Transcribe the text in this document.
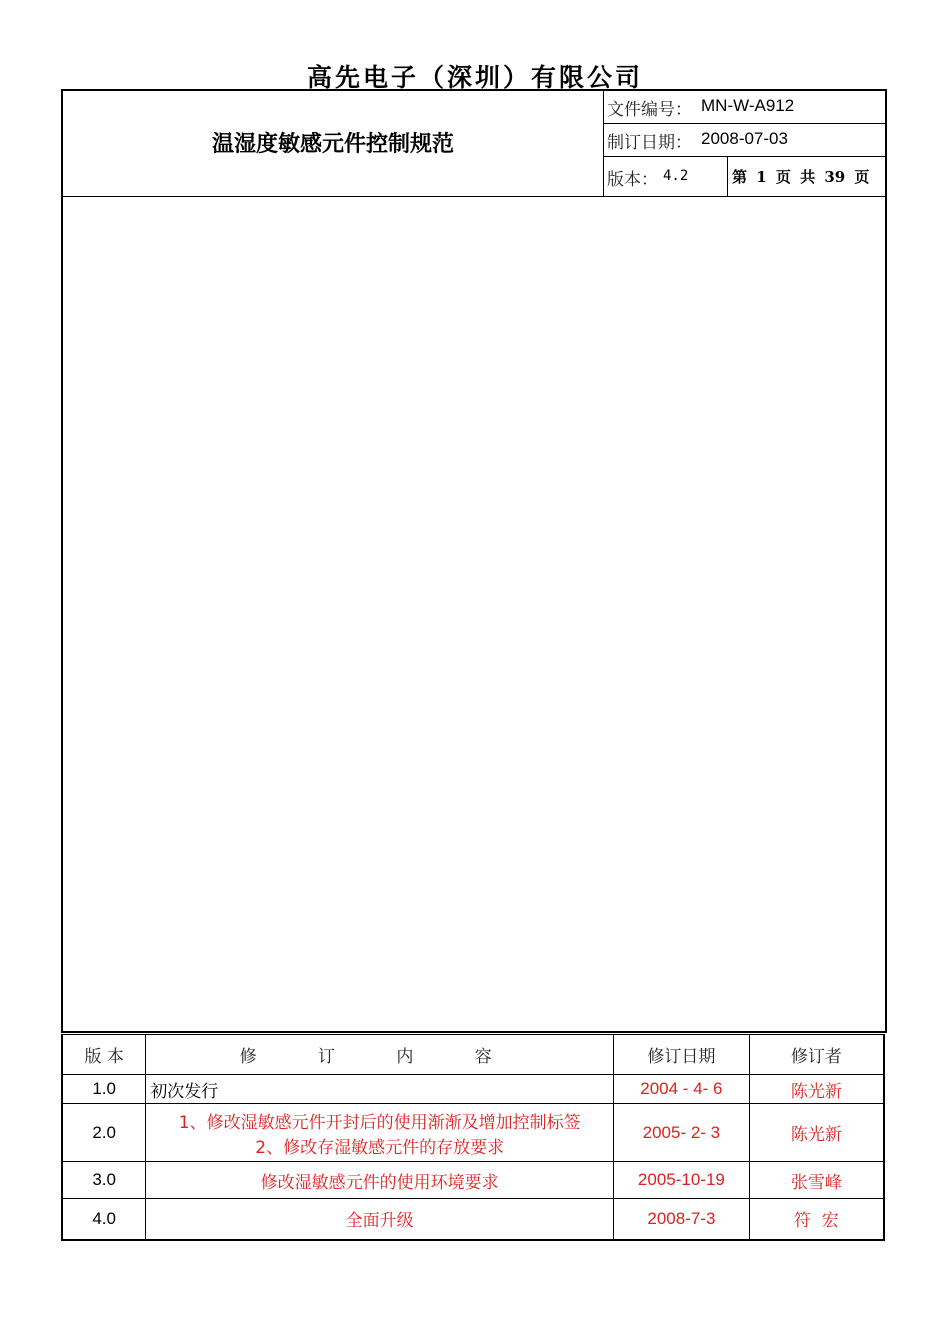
高先电子（深圳）有限公司
温湿度敏感元件控制规范
文件编号： MN-W-A912
制订日期： 2008-07-03
版本： 4.2	第 1 页 共 39 页
版 本	修 订 内 容	修订日期	修订者
1.0	初次发行	2004 - 4- 6	陈光新
2.0	1、修改湿敏感元件开封后的使用渐渐及增加控制标签
2、修改存湿敏感元件的存放要求	2005- 2- 3	陈光新
3.0	修改湿敏感元件的使用环境要求	2005-10-19	张雪峰
4.0	全面升级	2008-7-3	符  宏
